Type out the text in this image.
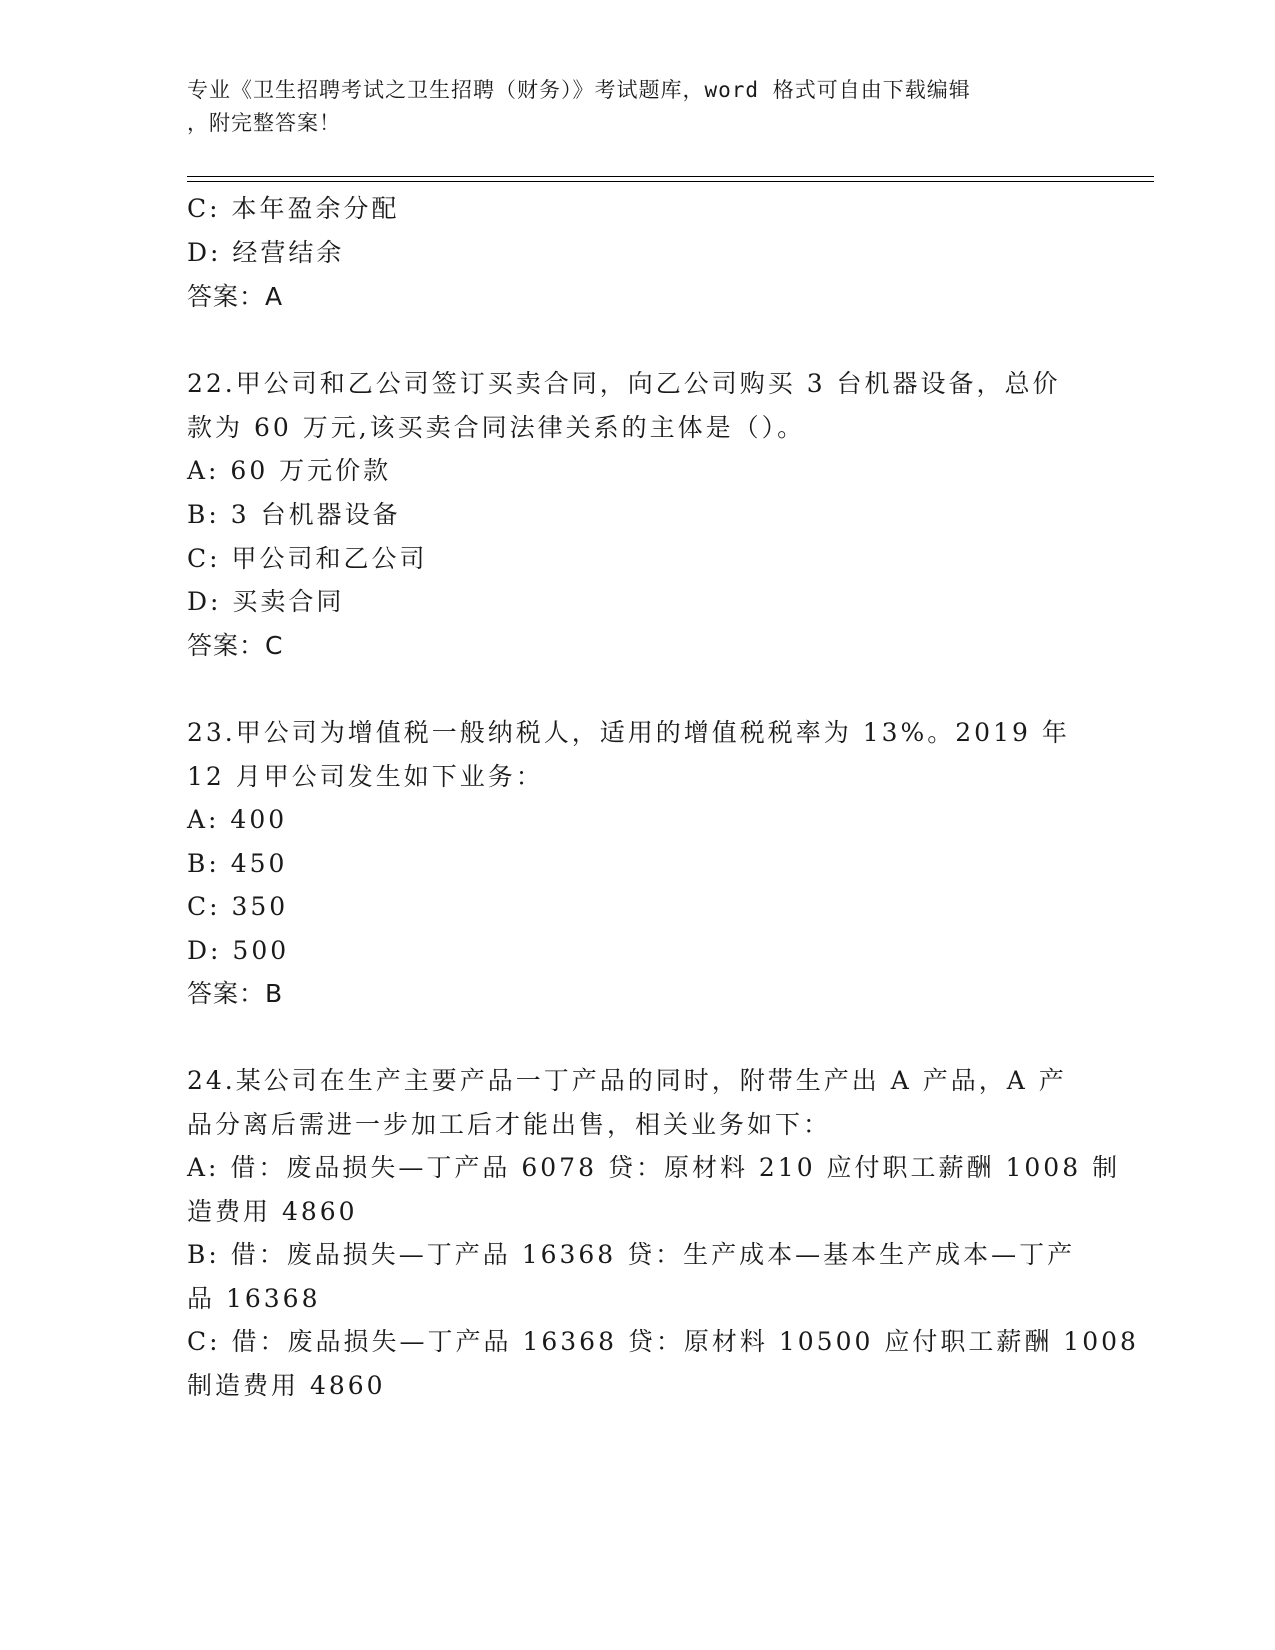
专业《卫生招聘考试之卫生招聘（财务）》考试题库，word 格式可自由下载编辑
，附完整答案！
C: 本年盈余分配
D: 经营结余
答案：A
22.甲公司和乙公司签订买卖合同，向乙公司购买 3 台机器设备，总价
款为 60 万元,该买卖合同法律关系的主体是（）。
A: 60 万元价款
B: 3 台机器设备
C: 甲公司和乙公司
D: 买卖合同
答案：C
23.甲公司为增值税一般纳税人，适用的增值税税率为 13%。2019 年
12 月甲公司发生如下业务：
A: 400
B: 450
C: 350
D: 500
答案：B
24.某公司在生产主要产品一丁产品的同时，附带生产出 A 产品，A 产
品分离后需进一步加工后才能出售，相关业务如下：
A: 借：废品损失—丁产品 6078 贷：原材料 210 应付职工薪酬 1008 制
造费用 4860
B: 借：废品损失—丁产品 16368 贷：生产成本—基本生产成本—丁产
品 16368
C: 借：废品损失—丁产品 16368 贷：原材料 10500 应付职工薪酬 1008
制造费用 4860
